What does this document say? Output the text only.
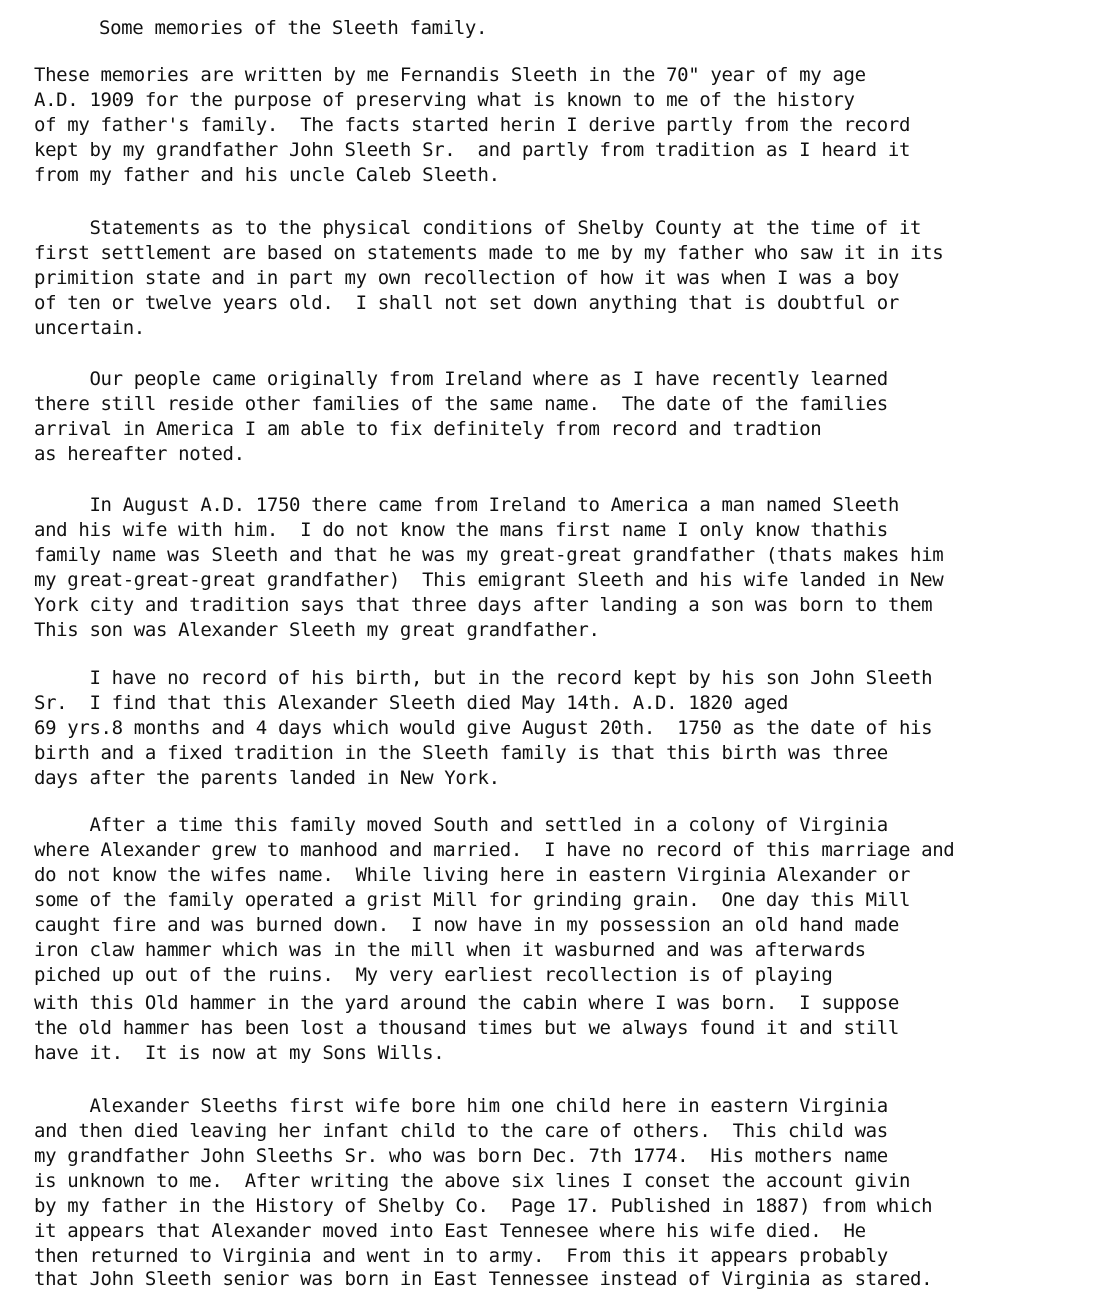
Some memories of the Sleeth family.

These memories are written by me Fernandis Sleeth in the 70" year of my age

A.D. 1909 for the purpose of preserving what is known to me of the history

of my father's family.  The facts started herin I derive partly from the record

kept by my grandfather John Sleeth Sr.  and partly from tradition as I heard it

from my father and his uncle Caleb Sleeth.

Statements as to the physical conditions of Shelby County at the time of it

first settlement are based on statements made to me by my father who saw it in its

primition state and in part my own recollection of how it was when I was a boy

of ten or twelve years old.  I shall not set down anything that is doubtful or

uncertain.

Our people came originally from Ireland where as I have recently learned

there still reside other families of the same name.  The date of the families

arrival in America I am able to fix definitely from record and tradtion

as hereafter noted.

In August A.D. 1750 there came from Ireland to America a man named Sleeth

and his wife with him.  I do not know the mans first name I only know thathis

family name was Sleeth and that he was my great-great grandfather (thats makes him

my great-great-great grandfather)  This emigrant Sleeth and his wife landed in New

York city and tradition says that three days after landing a son was born to them

This son was Alexander Sleeth my great grandfather.

I have no record of his birth, but in the record kept by his son John Sleeth

Sr.  I find that this Alexander Sleeth died May 14th. A.D. 1820 aged

69 yrs.8 months and 4 days which would give August 20th.  1750 as the date of his

birth and a fixed tradition in the Sleeth family is that this birth was three

days after the parents landed in New York.

After a time this family moved South and settled in a colony of Virginia

where Alexander grew to manhood and married.  I have no record of this marriage and

do not know the wifes name.  While living here in eastern Virginia Alexander or

some of the family operated a grist Mill for grinding grain.  One day this Mill

caught fire and was burned down.  I now have in my possession an old hand made

iron claw hammer which was in the mill when it wasburned and was afterwards

piched up out of the ruins.  My very earliest recollection is of playing

with this Old hammer in the yard around the cabin where I was born.  I suppose

the old hammer has been lost a thousand times but we always found it and still

have it.  It is now at my Sons Wills.

Alexander Sleeths first wife bore him one child here in eastern Virginia

and then died leaving her infant child to the care of others.  This child was

my grandfather John Sleeths Sr. who was born Dec. 7th 1774.  His mothers name

is unknown to me.  After writing the above six lines I conset the account givin

by my father in the History of Shelby Co.  Page 17. Published in 1887) from which

it appears that Alexander moved into East Tennesee where his wife died.  He

then returned to Virginia and went in to army.  From this it appears probably

that John Sleeth senior was born in East Tennessee instead of Virginia as stared.
